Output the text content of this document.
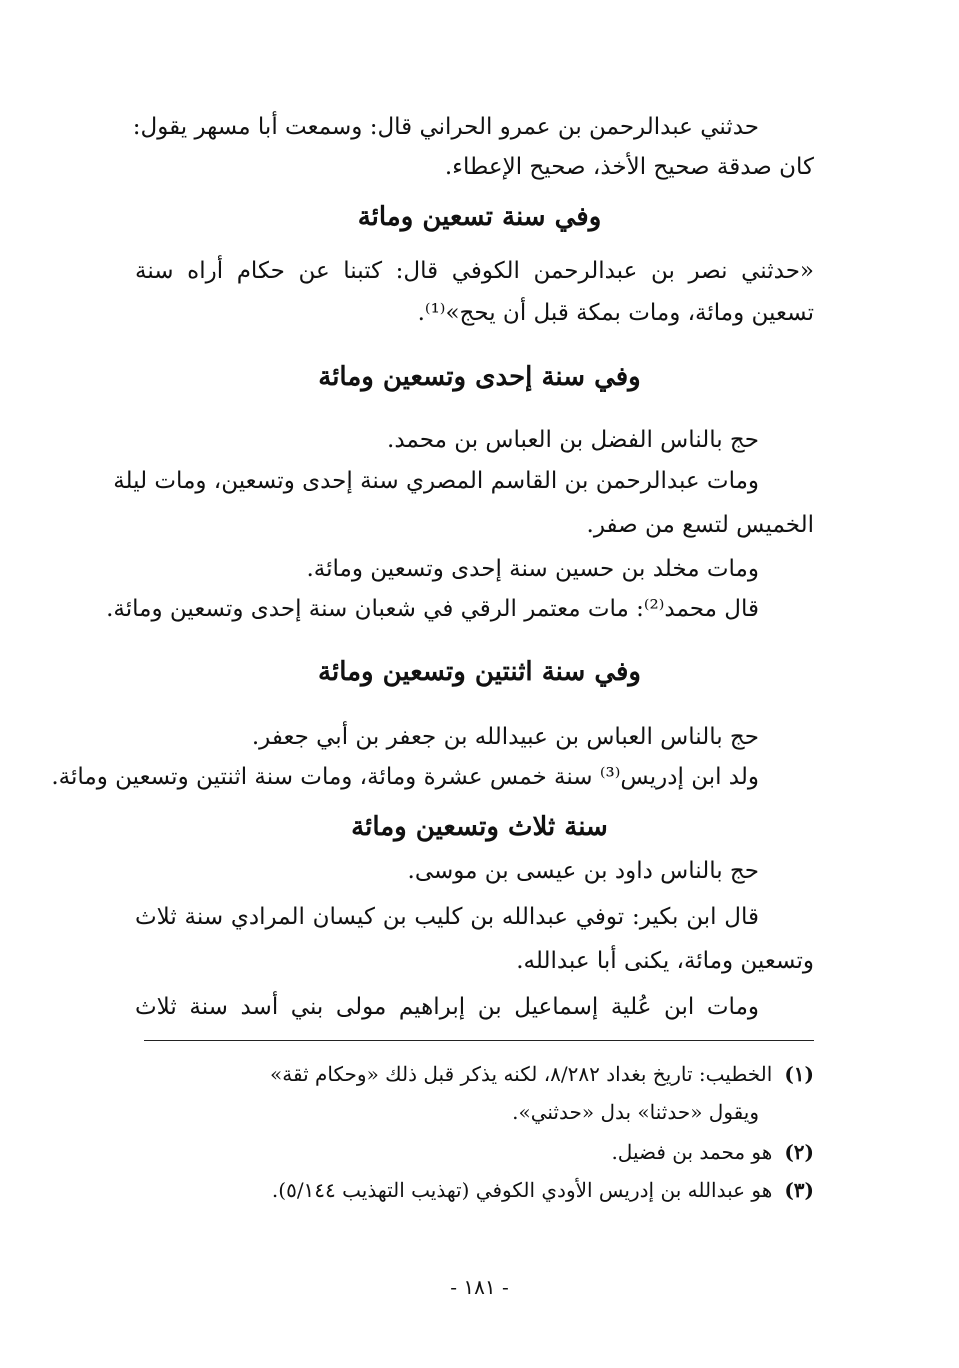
حدثني عبدالرحمن بن عمرو الحراني قال: وسمعت أبا مسهر يقول:
كان صدقة صحيح الأخذ، صحيح الإعطاء.
وفي سنة تسعين ومائة
«حدثني نصر بن عبدالرحمن الكوفي قال: كتبنا عن حكام أراه سنة
تسعين ومائة، ومات بمكة قبل أن يحج»⁽¹⁾.
وفي سنة إحدى وتسعين ومائة
حج بالناس الفضل بن العباس بن محمد.
ومات عبدالرحمن بن القاسم المصري سنة إحدى وتسعين، ومات ليلة
الخميس لتسع من صفر.
ومات مخلد بن حسين سنة إحدى وتسعين ومائة.
قال محمد⁽²⁾: مات معتمر الرقي في شعبان سنة إحدى وتسعين ومائة.
وفي سنة اثنتين وتسعين ومائة
حج بالناس العباس بن عبيدالله بن جعفر بن أبي جعفر.
ولد ابن إدريس⁽³⁾ سنة خمس عشرة ومائة، ومات سنة اثنتين وتسعين ومائة.
سنة ثلاث وتسعين ومائة
حج بالناس داود بن عيسى بن موسى.
قال ابن بكير: توفي عبدالله بن كليب بن كيسان المرادي سنة ثلاث
وتسعين ومائة، يكنى أبا عبدالله.
ومات ابن عُلية إسماعيل بن إبراهيم مولى بني أسد سنة ثلاث
(١)الخطيب: تاريخ بغداد ٨/٢٨٢، لكنه يذكر قبل ذلك «وحكام ثقة»
ويقول «حدثنا» بدل «حدثني».
(٢)هو محمد بن فضيل.
(٣)هو عبدالله بن إدريس الأودي الكوفي (تهذيب التهذيب ٥/١٤٤).
- ١٨١ -
